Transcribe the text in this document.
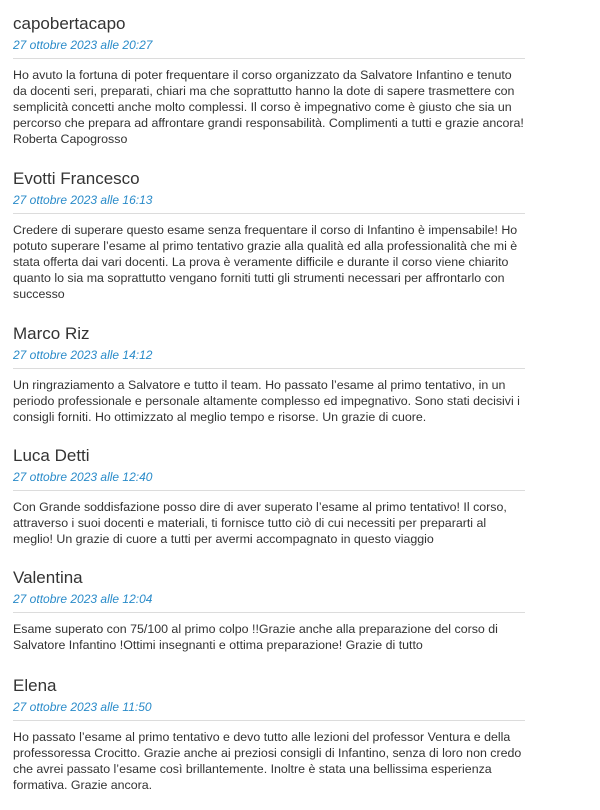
capobertacapo
27 ottobre 2023 alle 20:27
Ho avuto la fortuna di poter frequentare il corso organizzato da Salvatore Infantino e tenuto da docenti seri, preparati, chiari ma che soprattutto hanno la dote di sapere trasmettere con semplicità concetti anche molto complessi. Il corso è impegnativo come è giusto che sia un percorso che prepara ad affrontare grandi responsabilità. Complimenti a tutti e grazie ancora! Roberta Capogrosso
Evotti Francesco
27 ottobre 2023 alle 16:13
Credere di superare questo esame senza frequentare il corso di Infantino è impensabile! Ho potuto superare l’esame al primo tentativo grazie alla qualità ed alla professionalità che mi è stata offerta dai vari docenti. La prova è veramente difficile e durante il corso viene chiarito quanto lo sia ma soprattutto vengano forniti tutti gli strumenti necessari per affrontarlo con successo
Marco Riz
27 ottobre 2023 alle 14:12
Un ringraziamento a Salvatore e tutto il team. Ho passato l’esame al primo tentativo, in un periodo professionale e personale altamente complesso ed impegnativo. Sono stati decisivi i consigli forniti. Ho ottimizzato al meglio tempo e risorse. Un grazie di cuore.
Luca Detti
27 ottobre 2023 alle 12:40
Con Grande soddisfazione posso dire di aver superato l’esame al primo tentativo! Il corso, attraverso i suoi docenti e materiali, ti fornisce tutto ciò di cui necessiti per prepararti al meglio! Un grazie di cuore a tutti per avermi accompagnato in questo viaggio
Valentina
27 ottobre 2023 alle 12:04
Esame superato con 75/100 al primo colpo !!Grazie anche alla preparazione del corso di Salvatore Infantino !Ottimi insegnanti e ottima preparazione! Grazie di tutto
Elena
27 ottobre 2023 alle 11:50
Ho passato l’esame al primo tentativo e devo tutto alle lezioni del professor Ventura e della professoressa Crocitto. Grazie anche ai preziosi consigli di Infantino, senza di loro non credo che avrei passato l’esame così brillantemente. Inoltre è stata una bellissima esperienza formativa. Grazie ancora.
